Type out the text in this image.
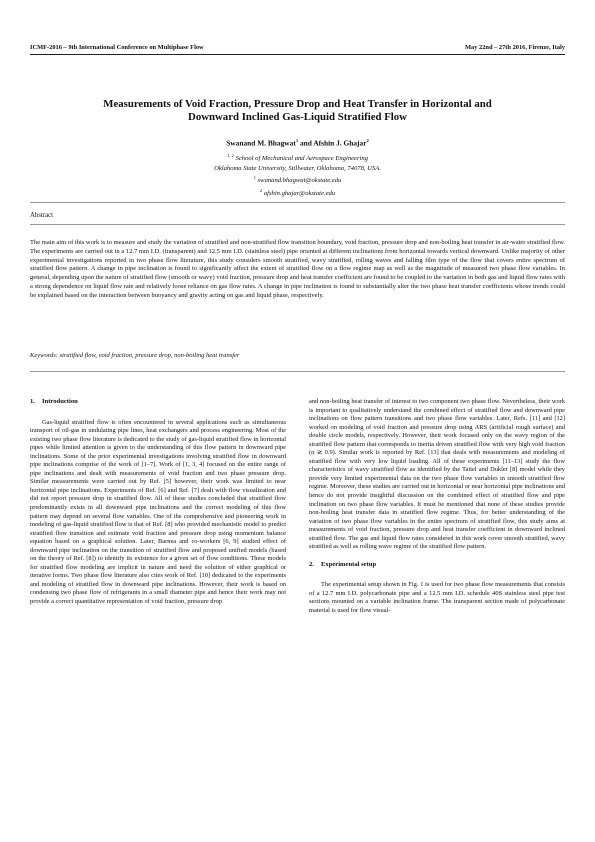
ICMF-2016 – 9th International Conference on Multiphase Flow	May 22nd – 27th 2016, Firenze, Italy
Measurements of Void Fraction, Pressure Drop and Heat Transfer in Horizontal and
Downward Inclined Gas-Liquid Stratified Flow
Swanand M. Bhagwat$^1$ and Afshin J. Ghajar$^2$
$^{1, 2}$ School of Mechanical and Aerospace Engineering
Oklahoma State University, Stillwater, Oklahoma, 74078, USA.
$^1$ swanand.bhagwat@okstate.edu
$^2$ afshin.ghajar@okstate.edu
Abstract
The main aim of this work is to measure and study the variation of stratified and non-stratified flow transition boundary, void fraction, pressure drop and non-boiling heat transfer in air-water stratified flow. The experiments are carried out in a 12.7 mm I.D. (transparent) and 12.5 mm I.D. (stainless steel) pipe oriented at different inclinations from horizontal towards vertical downward. Unlike majority of other experimental investigations reported in two phase flow literature, this study considers smooth stratified, wavy stratified, rolling waves and falling film type of the flow that covers entire spectrum of stratified flow pattern. A change in pipe inclination is found to significantly affect the extent of stratified flow on a flow regime map as well as the magnitude of measured two phase flow variables. In general, depending upon the nature of stratified flow (smooth or wavy) void fraction, pressure drop and heat transfer coefficient are found to be coupled to the variation in both gas and liquid flow rates with a strong dependence on liquid flow rate and relatively loose reliance on gas flow rates. A change in pipe inclination is found to substantially alter the two phase heat transfer coefficients whose trends could be explained based on the interaction between buoyancy and gravity acting on gas and liquid phase, respectively.
Keywords: stratified flow, void fraction, pressure drop, non-boiling heat transfer
1. Introduction

Gas-liquid stratified flow is often encountered in several applications such as simultaneous transport of oil-gas in undulating pipe lines, heat exchangers and process engineering. Most of the existing two phase flow literature is dedicated to the study of gas-liquid stratified flow in horizontal pipes while limited attention is given to the understanding of this flow pattern in downward pipe inclinations. Some of the prior experimental investigations involving stratified flow in downward pipe inclinations comprise of the work of [1–7]. Work of [1, 3, 4] focused on the entire range of pipe inclinations and dealt with measurements of void fraction and two phase pressure drop. Similar measurements were carried out by Ref. [5] however, their work was limited to near horizontal pipe inclinations. Experiments of Ref. [6] and Ref. [7] dealt with flow visualization and did not report pressure drop in stratified flow. All of these studies concluded that stratified flow predominantly exists in all downward pipe inclinations and the correct modeling of this flow pattern may depend on several flow variables. One of the comprehensive and pioneering work in modeling of gas-liquid stratified flow is that of Ref. [8] who provided mechanistic model to predict stratified flow transition and estimate void fraction and pressure drop using momentum balance equation based on a graphical solution. Later, Barnea and co-workers [6, 9] studied effect of downward pipe inclination on the transition of stratified flow and proposed unified models (based on the theory of Ref. [8]) to identify its existence for a given set of flow conditions. These models for stratified flow modeling are implicit in nature and need the solution of either graphical or iterative forms. Two phase flow literature also cites work of Ref. [10] dedicated to the experiments and modeling of stratified flow in downward pipe inclinations. However, their work is based on condensing two phase flow of refrigerants in a small diameter pipe and hence their work may not provide a correct quantitative representation of void fraction, pressure drop

and non-boiling heat transfer of interest to two component two phase flow. Nevertheless, their work is important to qualitatively understand the combined effect of stratified flow and downward pipe inclinations on flow pattern transitions and two phase flow variables. Later, Refs. [11] and [12] worked on modeling of void fraction and pressure drop using ARS (artificial rough surface) and double circle models, respectively. However, their work focused only on the wavy region of the stratified flow pattern that corresponds to inertia driven stratified flow with very high void fraction (α ≳ 0.9). Similar work is reported by Ref. [13] that deals with measurements and modeling of stratified flow with very low liquid loading. All of these experiments [11–13] study the flow characteristics of wavy stratified flow as identified by the Taitel and Dukler [8] model while they provide very limited experimental data on the two phase flow variables in smooth stratified flow regime. Moreover, these studies are carried out in horizontal or near horizontal pipe inclinations and hence do not provide insightful discussion on the combined effect of stratified flow and pipe inclination on two phase flow variables. It must be mentioned that none of these studies provide non-boiling heat transfer data in stratified flow regime. Thus, for better understanding of the variation of two phase flow variables in the entire spectrum of stratified flow, this study aims at measurements of void fraction, pressure drop and heat transfer coefficient in downward inclined stratified flow. The gas and liquid flow rates considered in this work cover smooth stratified, wavy stratified as well as rolling wave regime of the stratified flow pattern.

2. Experimental setup

The experimental setup shown in Fig. 1 is used for two phase flow measurements that consists of a 12.7 mm I.D. polycarbonate pipe and a 12.5 mm I.D. schedule 40S stainless steel pipe test sections mounted on a variable inclination frame. The transparent section made of polycarbonate material is used for flow visual-
